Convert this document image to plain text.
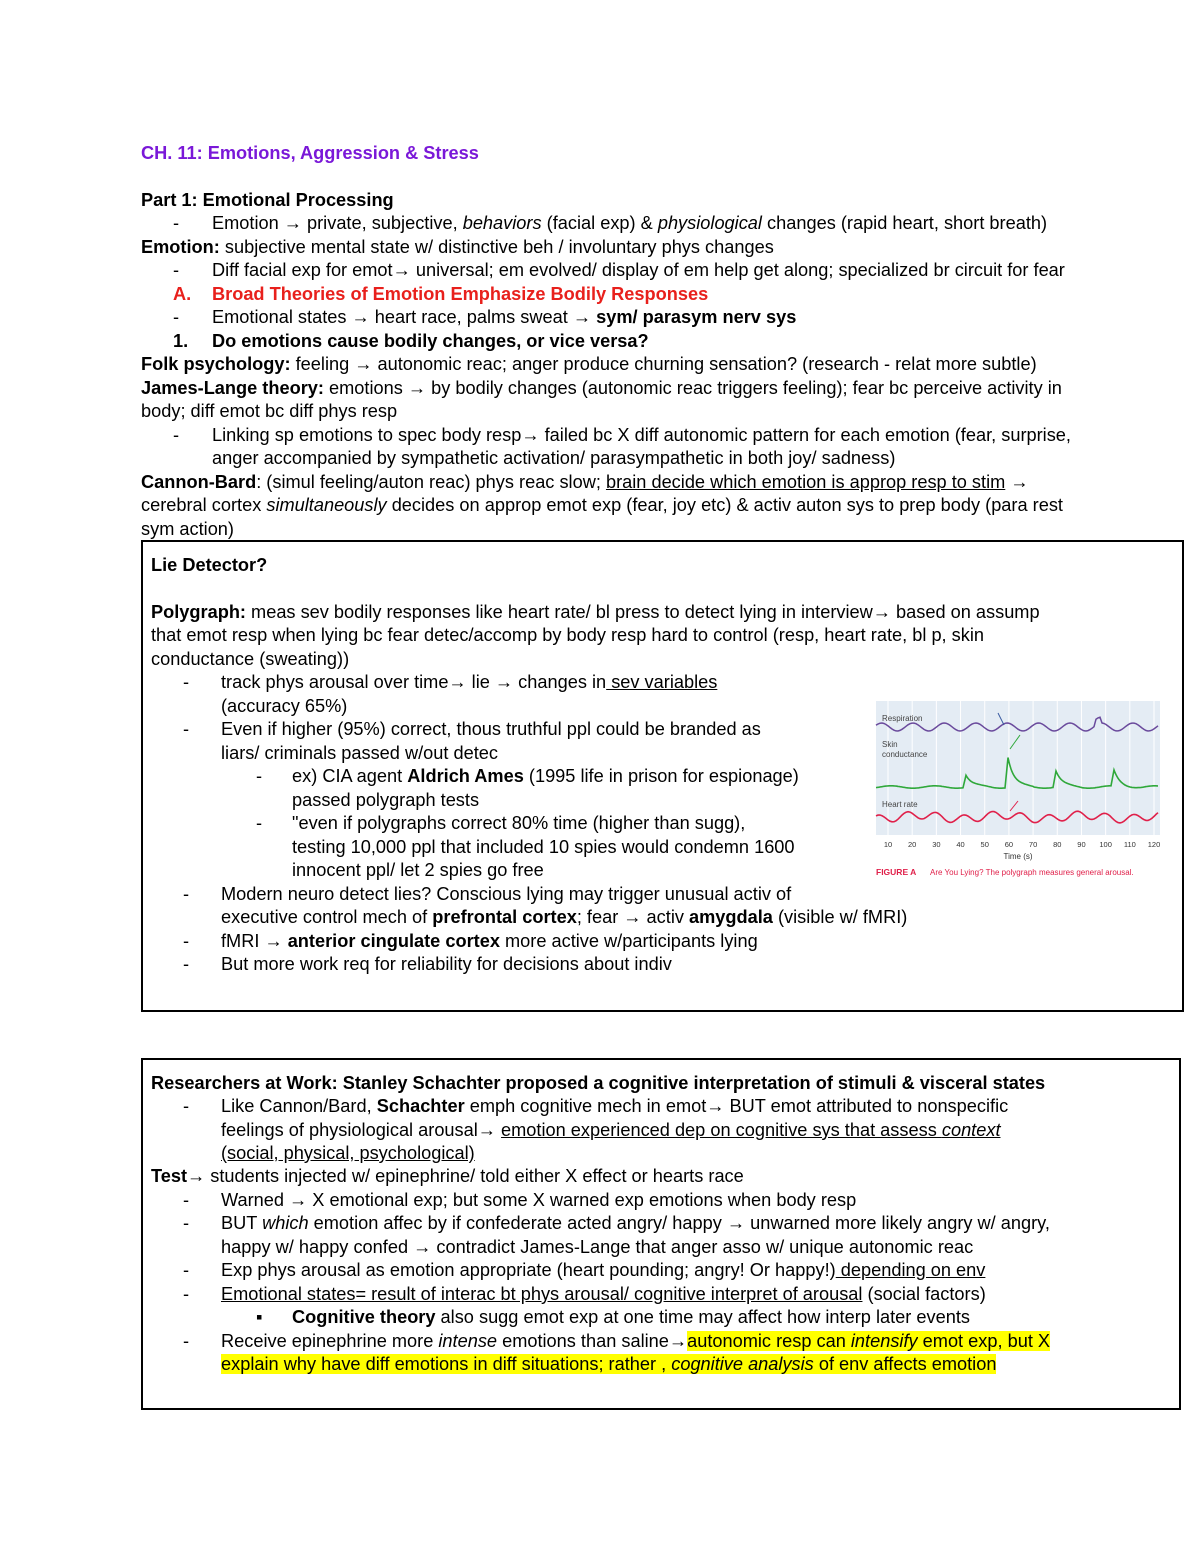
CH. 11: Emotions, Aggression & Stress
Part 1: Emotional Processing
- Emotion → private, subjective, behaviors (facial exp) & physiological changes (rapid heart, short breath)
Emotion: subjective mental state w/ distinctive beh / involuntary phys changes
- Diff facial exp for emot→ universal; em evolved/ display of em help get along; specialized br circuit for fear
A. Broad Theories of Emotion Emphasize Bodily Responses
- Emotional states → heart race, palms sweat → sym/ parasym nerv sys
1. Do emotions cause bodily changes, or vice versa?
Folk psychology: feeling → autonomic reac; anger produce churning sensation? (research - relat more subtle)
James-Lange theory: emotions → by bodily changes (autonomic reac triggers feeling); fear bc perceive activity in
body; diff emot bc diff phys resp
- Linking sp emotions to spec body resp→ failed bc X diff autonomic pattern for each emotion (fear, surprise,
anger accompanied by sympathetic activation/ parasympathetic in both joy/ sadness)
Cannon-Bard: (simul feeling/auton reac) phys reac slow; brain decide which emotion is approp resp to stim →
cerebral cortex simultaneously decides on approp emot exp (fear, joy etc) & activ auton sys to prep body (para rest
sym action)
Lie Detector?
Polygraph: meas sev bodily responses like heart rate/ bl press to detect lying in interview→ based on assump
that emot resp when lying bc fear detec/accomp by body resp hard to control (resp, heart rate, bl p, skin
conductance (sweating))
- track phys arousal over time→ lie → changes in sev variables
(accuracy 65%)
- Even if higher (95%) correct, thous truthful ppl could be branded as
liars/ criminals passed w/out detec
- ex) CIA agent Aldrich Ames (1995 life in prison for espionage)
passed polygraph tests
- "even if polygraphs correct 80% time (higher than sugg),
testing 10,000 ppl that included 10 spies would condemn 1600
innocent ppl/ let 2 spies go free
- Modern neuro detect lies? Conscious lying may trigger unusual activ of
executive control mech of prefrontal cortex; fear → activ amygdala (visible w/ fMRI)
- fMRI → anterior cingulate cortex more active w/participants lying
- But more work req for reliability for decisions about indiv
Respiration
Skin
conductance
Heart rate
10 20 30 40 50 60 70 80 90 100 110 120
Time (s)
FIGURE A Are You Lying? The polygraph measures general arousal.
Researchers at Work: Stanley Schachter proposed a cognitive interpretation of stimuli & visceral states
- Like Cannon/Bard, Schachter emph cognitive mech in emot→ BUT emot attributed to nonspecific
feelings of physiological arousal→ emotion experienced dep on cognitive sys that assess context
(social, physical, psychological)
Test→ students injected w/ epinephrine/ told either X effect or hearts race
- Warned → X emotional exp; but some X warned exp emotions when body resp
- BUT which emotion affec by if confederate acted angry/ happy → unwarned more likely angry w/ angry,
happy w/ happy confed → contradict James-Lange that anger asso w/ unique autonomic reac
- Exp phys arousal as emotion appropriate (heart pounding; angry! Or happy!) depending on env
- Emotional states= result of interac bt phys arousal/ cognitive interpret of arousal (social factors)
▪ Cognitive theory also sugg emot exp at one time may affect how interp later events
- Receive epinephrine more intense emotions than saline→autonomic resp can intensify emot exp, but X
explain why have diff emotions in diff situations; rather , cognitive analysis of env affects emotion
